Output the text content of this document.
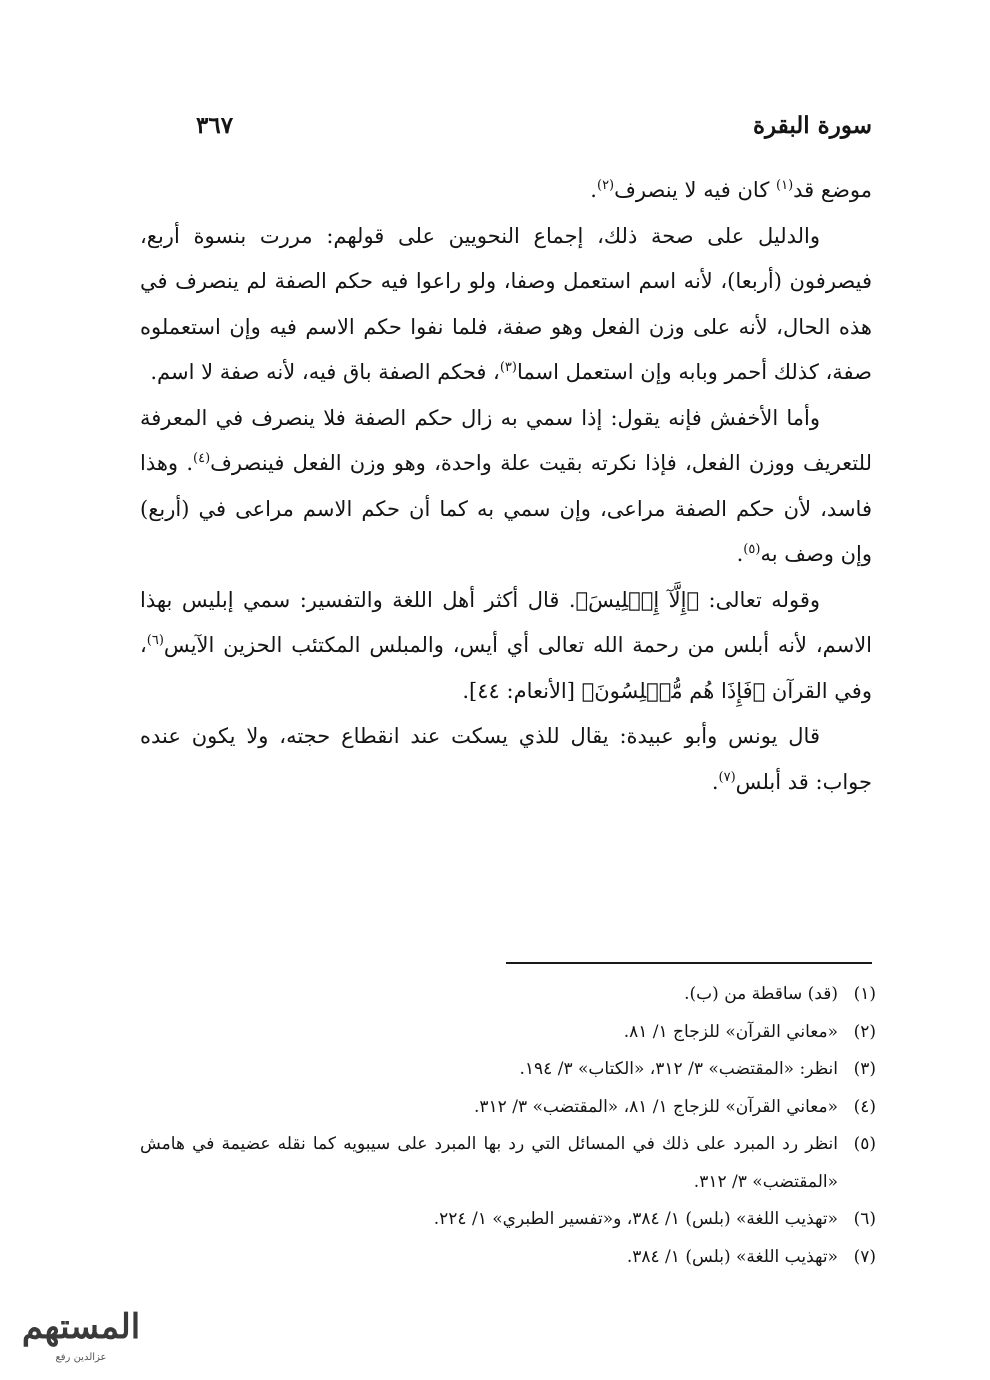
سورة البقرة
٣٦٧

موضع قد$^{(١)}$ كان فيه لا ينصرف$^{(٢)}$.

والدليل على صحة ذلك، إجماع النحويين على قولهم: مررت بنسوة أربع، فيصرفون (أربعا)، لأنه اسم استعمل وصفا، ولو راعوا فيه حكم الصفة لم ينصرف في هذه الحال، لأنه على وزن الفعل وهو صفة، فلما نفوا حكم الاسم فيه وإن استعملوه صفة، كذلك أحمر وبابه وإن استعمل اسما$^{(٣)}$، فحكم الصفة باق فيه، لأنه صفة لا اسم.

وأما الأخفش فإنه يقول: إذا سمي به زال حكم الصفة فلا ينصرف في المعرفة للتعريف ووزن الفعل، فإذا نكرته بقيت علة واحدة، وهو وزن الفعل فينصرف$^{(٤)}$. وهذا فاسد، لأن حكم الصفة مراعى، وإن سمي به كما أن حكم الاسم مراعى في (أربع) وإن وصف به$^{(٥)}$.

وقوله تعالى: ﴿إِلَّآ إِبۡلِيسَ﴾. قال أكثر أهل اللغة والتفسير: سمي إبليس بهذا الاسم، لأنه أبلس من رحمة الله تعالى أي أيس، والمبلس المكتئب الحزين الآيس$^{(٦)}$، وفي القرآن ﴿فَإِذَا هُم مُّبۡلِسُونَ﴾ [الأنعام: ٤٤].

قال يونس وأبو عبيدة: يقال للذي يسكت عند انقطاع حجته، ولا يكون عنده جواب: قد أبلس$^{(٧)}$.

(١)
(قد) ساقطة من (ب).
(٢)
«معاني القرآن» للزجاج ١/ ٨١.
(٣)
انظر: «المقتضب» ٣/ ٣١٢، «الكتاب» ٣/ ١٩٤.
(٤)
«معاني القرآن» للزجاج ١/ ٨١، «المقتضب» ٣/ ٣١٢.
(٥)
انظر رد المبرد على ذلك في المسائل التي رد بها المبرد على سيبويه كما نقله عضيمة في هامش «المقتضب» ٣/ ٣١٢.
(٦)
«تهذيب اللغة» (بلس) ١/ ٣٨٤، و«تفسير الطبري» ١/ ٢٢٤.
(٧)
«تهذيب اللغة» (بلس) ١/ ٣٨٤.
المستهم
عزالدين رفع
